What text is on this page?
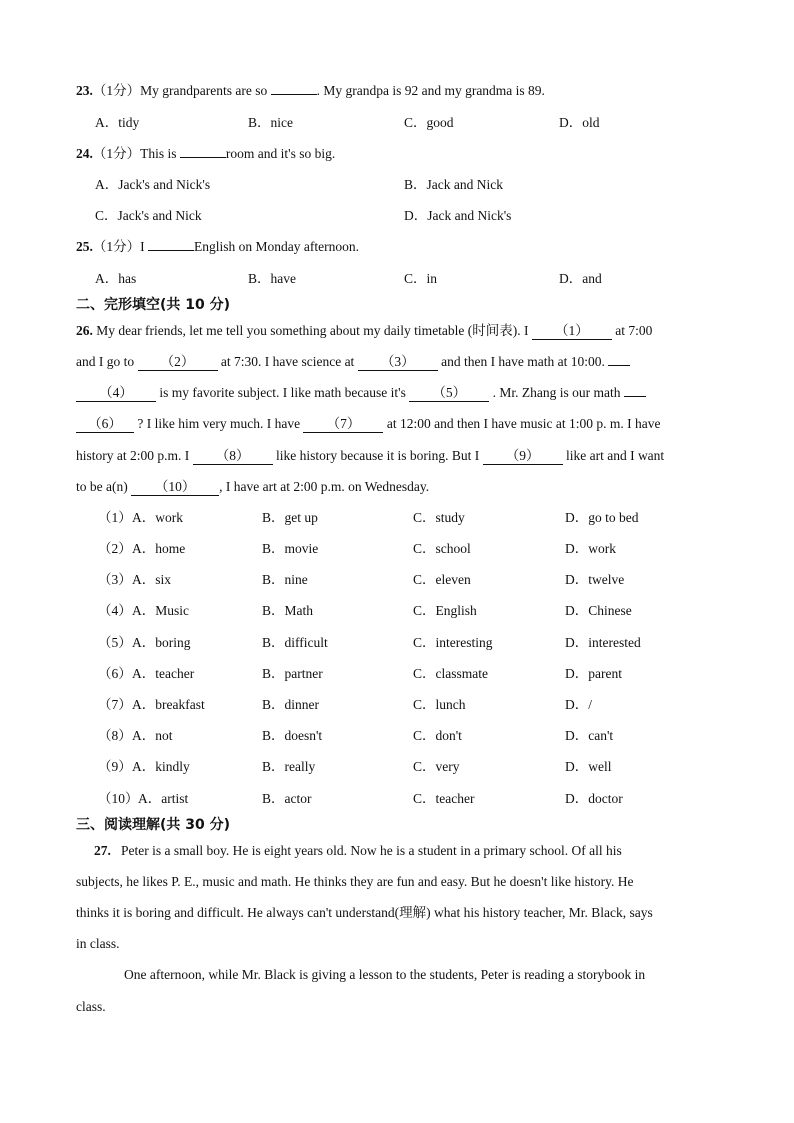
23.（1分）My grandparents are so	. My grandpa is 92 and my grandma is 89.
A．tidy	B．nice	C．good	D．old
24.（1分）This is	room and it's so big.
A．Jack's and Nick's	B．Jack and Nick
C．Jack's and Nick	D．Jack and Nick's
25.（1分）I	English on Monday afternoon.
A．has	B．have	C．in	D．and
二、完形填空(共 10 分)
26. My dear friends, let me tell you something about my daily timetable (时间表). I （1） at 7:00
and I go to （2） at 7:30. I have science at （3） and then I have math at 10:00.
（4） is my favorite subject. I like math because it's （5） . Mr. Zhang is our math
（6） ? I like him very much. I have （7） at 12:00 and then I have music at 1:00 p. m. I have
history at 2:00 p.m. I （8） like history because it is boring. But I （9） like art and I want
to be a(n) （10） , I have art at 2:00 p.m. on Wednesday.
（1） A．work	B．get up	C．study	D．go to bed
（2） A．home	B．movie	C．school	D．work
（3） A．six	B．nine	C．eleven	D．twelve
（4） A．Music	B．Math	C．English	D．Chinese
（5） A．boring	B．difficult	C．interesting	D．interested
（6） A．teacher	B．partner	C．classmate	D．parent
（7） A．breakfast	B．dinner	C．lunch	D．/
（8） A．not	B．doesn't	C．don't	D．can't
（9） A．kindly	B．really	C．very	D．well
（10） A．artist	B．actor	C．teacher	D．doctor
三、阅读理解(共 30 分)
27. Peter is a small boy. He is eight years old. Now he is a student in a primary school. Of all his
subjects, he likes P. E., music and math. He thinks they are fun and easy. But he doesn't like history. He
thinks it is boring and difficult. He always can't understand(理解) what his history teacher, Mr. Black, says
in class.
One afternoon, while Mr. Black is giving a lesson to the students, Peter is reading a storybook in
class.
